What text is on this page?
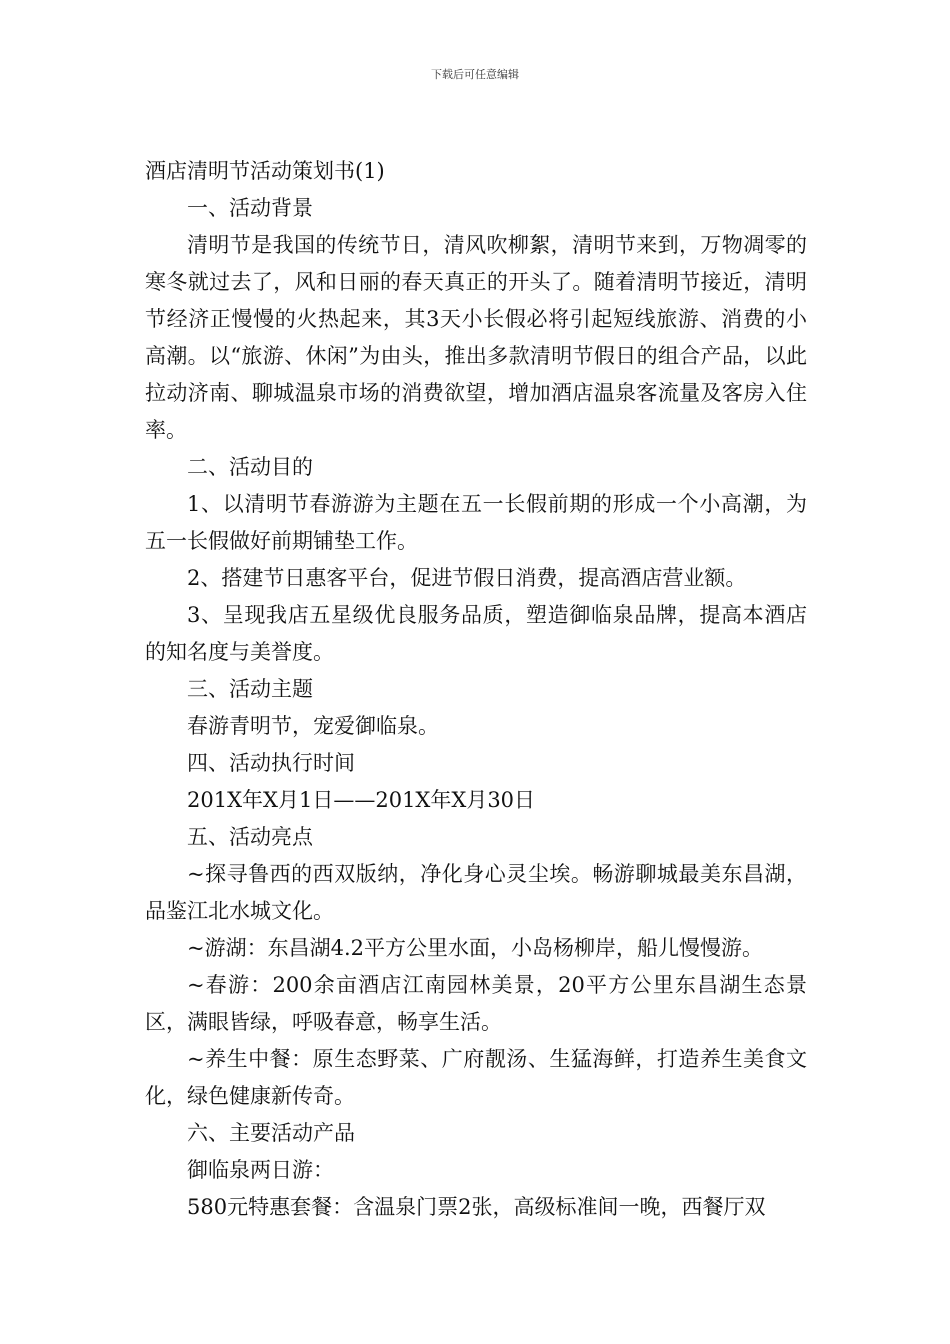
下载后可任意编辑

酒店清明节活动策划书(1)

一、活动背景

清明节是我国的传统节日，清风吹柳絮，清明节来到，万物凋零的寒冬就过去了，风和日丽的春天真正的开头了。随着清明节接近，清明节经济正慢慢的火热起来，其3天小长假必将引起短线旅游、消费的小高潮。以“旅游、休闲”为由头，推出多款清明节假日的组合产品，以此拉动济南、聊城温泉市场的消费欲望，增加酒店温泉客流量及客房入住率。

二、活动目的

1、以清明节春游游为主题在五一长假前期的形成一个小高潮，为五一长假做好前期铺垫工作。

2、搭建节日惠客平台，促进节假日消费，提高酒店营业额。

3、呈现我店五星级优良服务品质，塑造御临泉品牌，提高本酒店的知名度与美誉度。

三、活动主题

春游青明节，宠爱御临泉。

四、活动执行时间

201X年X月1日——201X年X月30日

五、活动亮点

~探寻鲁西的西双版纳，净化身心灵尘埃。畅游聊城最美东昌湖，品鉴江北水城文化。

~游湖：东昌湖4.2平方公里水面，小岛杨柳岸，船儿慢慢游。

~春游：200余亩酒店江南园林美景，20平方公里东昌湖生态景区，满眼皆绿，呼吸春意，畅享生活。

~养生中餐：原生态野菜、广府靓汤、生猛海鲜，打造养生美食文化，绿色健康新传奇。

六、主要活动产品

御临泉两日游：

580元特惠套餐：含温泉门票2张，高级标准间一晚，西餐厅双
